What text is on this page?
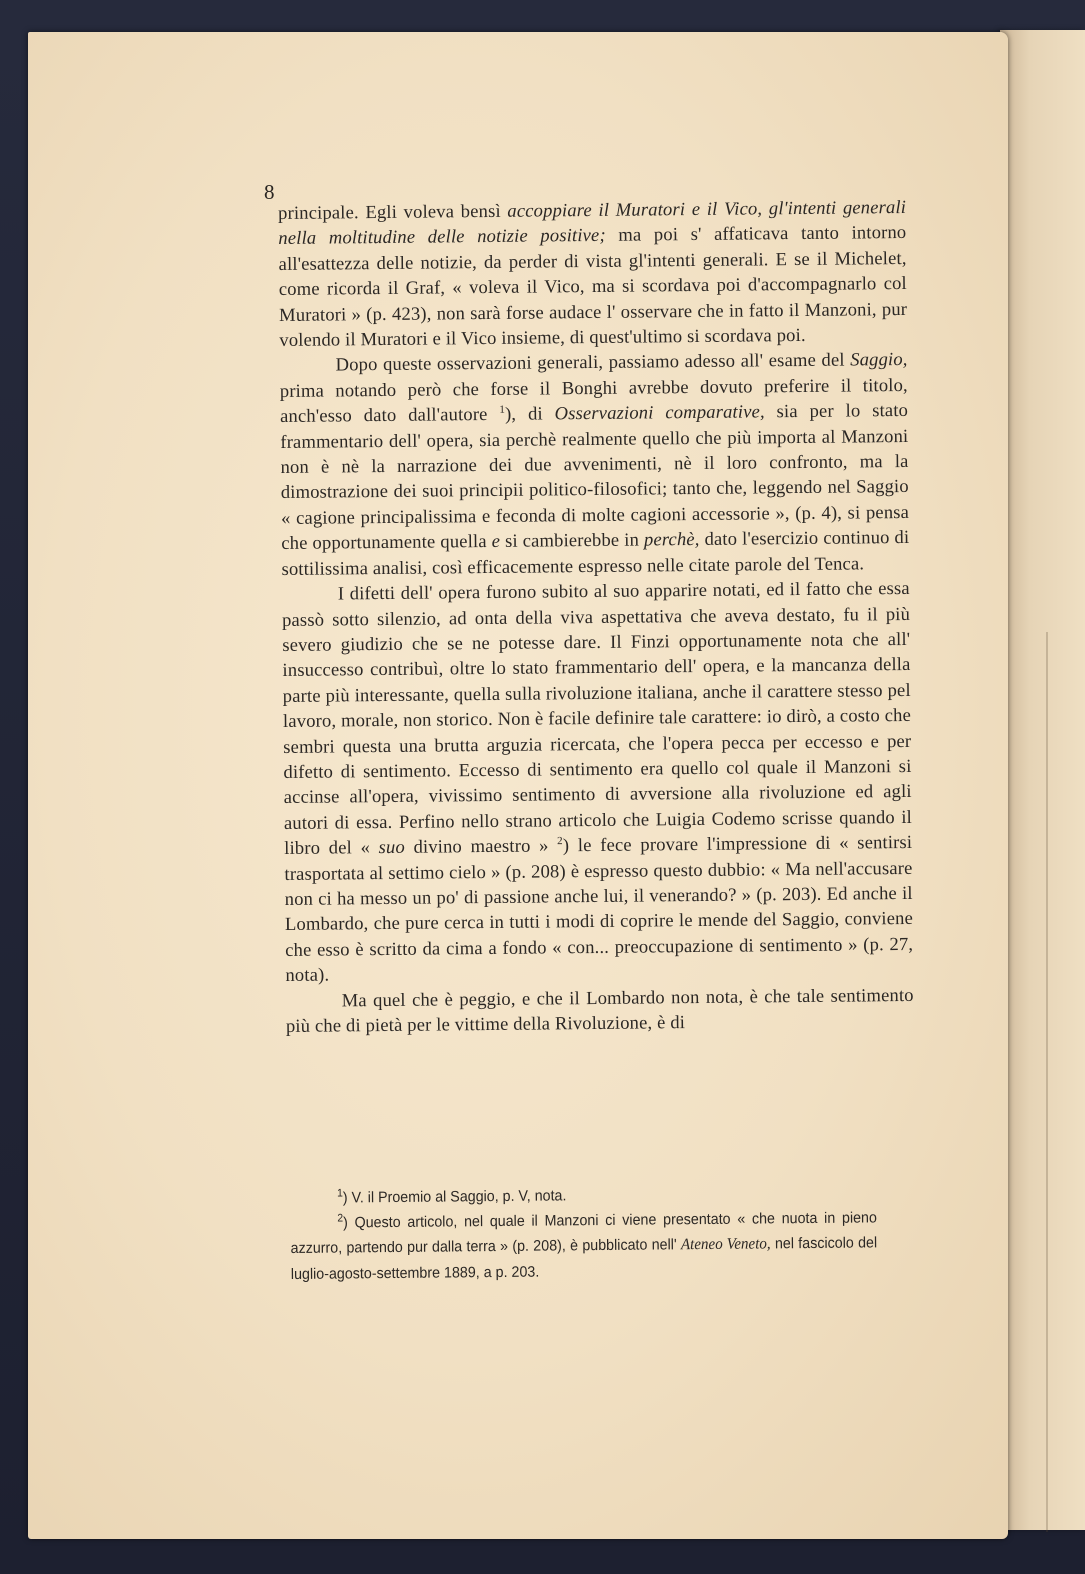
8

principale. Egli voleva bensì accoppiare il Muratori e il Vico, gl'intenti generali nella moltitudine delle notizie positive; ma poi s' affaticava tanto intorno all'esattezza delle notizie, da perder di vista gl'intenti generali. E se il Michelet, come ricorda il Graf, « voleva il Vico, ma si scordava poi d'accompagnarlo col Muratori » (p. 423), non sarà forse audace l' osservare che in fatto il Manzoni, pur volendo il Muratori e il Vico insieme, di quest'ultimo si scordava poi.

Dopo queste osservazioni generali, passiamo adesso all' esame del Saggio, prima notando però che forse il Bonghi avrebbe dovuto preferire il titolo, anch'esso dato dall'autore $^1$), di Osservazioni comparative, sia per lo stato frammentario dell' opera, sia perchè realmente quello che più importa al Manzoni non è nè la narrazione dei due avvenimenti, nè il loro confronto, ma la dimostrazione dei suoi principii politico-filosofici; tanto che, leggendo nel Saggio « cagione principalissima e feconda di molte cagioni accessorie », (p. 4), si pensa che opportunamente quella e si cambierebbe in perchè, dato l'esercizio continuo di sottilissima analisi, così efficacemente espresso nelle citate parole del Tenca.

I difetti dell' opera furono subito al suo apparire notati, ed il fatto che essa passò sotto silenzio, ad onta della viva aspettativa che aveva destato, fu il più severo giudizio che se ne potesse dare. Il Finzi opportunamente nota che all' insuccesso contribuì, oltre lo stato frammentario dell' opera, e la mancanza della parte più interessante, quella sulla rivoluzione italiana, anche il carattere stesso pel lavoro, morale, non storico. Non è facile definire tale carattere: io dirò, a costo che sembri questa una brutta arguzia ricercata, che l'opera pecca per eccesso e per difetto di sentimento. Eccesso di sentimento era quello col quale il Manzoni si accinse all'opera, vivissimo sentimento di avversione alla rivoluzione ed agli autori di essa. Perfino nello strano articolo che Luigia Codemo scrisse quando il libro del « suo divino maestro » $^2$) le fece provare l'impressione di « sentirsi trasportata al settimo cielo » (p. 208) è espresso questo dubbio: « Ma nell'accusare non ci ha messo un po' di passione anche lui, il venerando? » (p. 203). Ed anche il Lombardo, che pure cerca in tutti i modi di coprire le mende del Saggio, conviene che esso è scritto da cima a fondo « con... preoccupazione di sentimento » (p. 27, nota).

Ma quel che è peggio, e che il Lombardo non nota, è che tale sentimento più che di pietà per le vittime della Rivoluzione, è di

$^1$) V. il Proemio al Saggio, p. V, nota.

$^2$) Questo articolo, nel quale il Manzoni ci viene presentato « che nuota in pieno azzurro, partendo pur dalla terra » (p. 208), è pubblicato nell' Ateneo Veneto, nel fascicolo del luglio-agosto-settembre 1889, a p. 203.
